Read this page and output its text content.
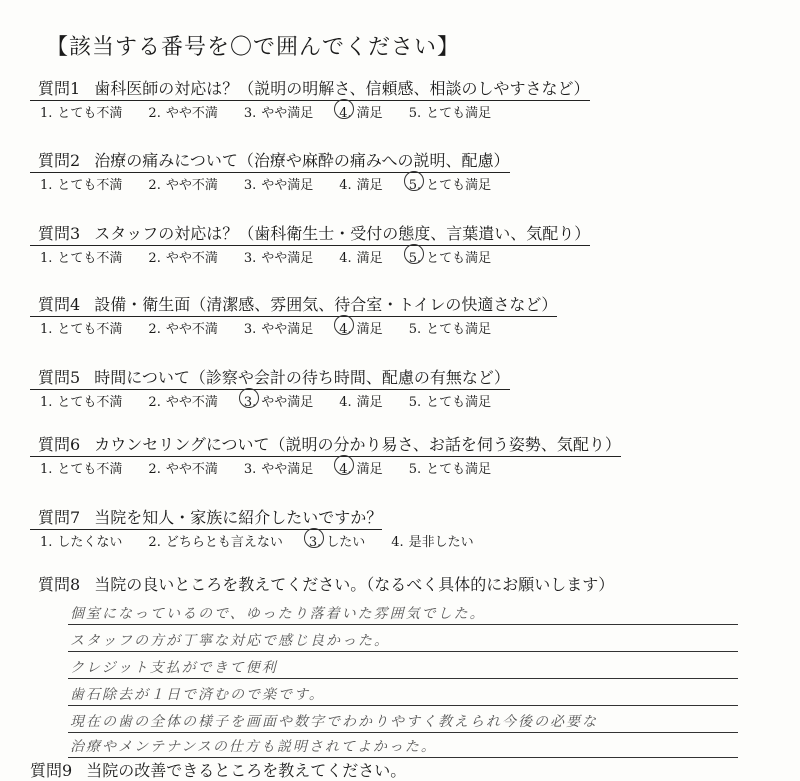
【該当する番号を〇で囲んでください】
質問1 歯科医師の対応は？（説明の明解さ、信頼感、相談のしやすさなど）
1. とても不満 2. やや不満 3. やや満足 4. 満足 5. とても満足
質問2 治療の痛みについて（治療や麻酔の痛みへの説明、配慮）
1. とても不満 2. やや不満 3. やや満足 4. 満足 5. とても満足
質問3 スタッフの対応は？（歯科衛生士・受付の態度、言葉遣い、気配り）
1. とても不満 2. やや不満 3. やや満足 4. 満足 5. とても満足
質問4 設備・衛生面（清潔感、雰囲気、待合室・トイレの快適さなど）
1. とても不満 2. やや不満 3. やや満足 4. 満足 5. とても満足
質問5 時間について（診察や会計の待ち時間、配慮の有無など）
1. とても不満 2. やや不満 3. やや満足 4. 満足 5. とても満足
質問6 カウンセリングについて（説明の分かり易さ、お話を伺う姿勢、気配り）
1. とても不満 2. やや不満 3. やや満足 4. 満足 5. とても満足
質問7 当院を知人・家族に紹介したいですか？
1. したくない 2. どちらとも言えない 3. したい 4. 是非したい
質問8 当院の良いところを教えてください。（なるべく具体的にお願いします）
個室になっているので、ゆったり落着いた雰囲気でした。
スタッフの方が丁寧な対応で感じ良かった。
クレジット支払ができて便利
歯石除去が１日で済むので楽です。
現在の歯の全体の様子を画面や数字でわかりやすく教えられ今後の必要な
治療やメンテナンスの仕方も説明されてよかった。
質問9 当院の改善できるところを教えてください。
